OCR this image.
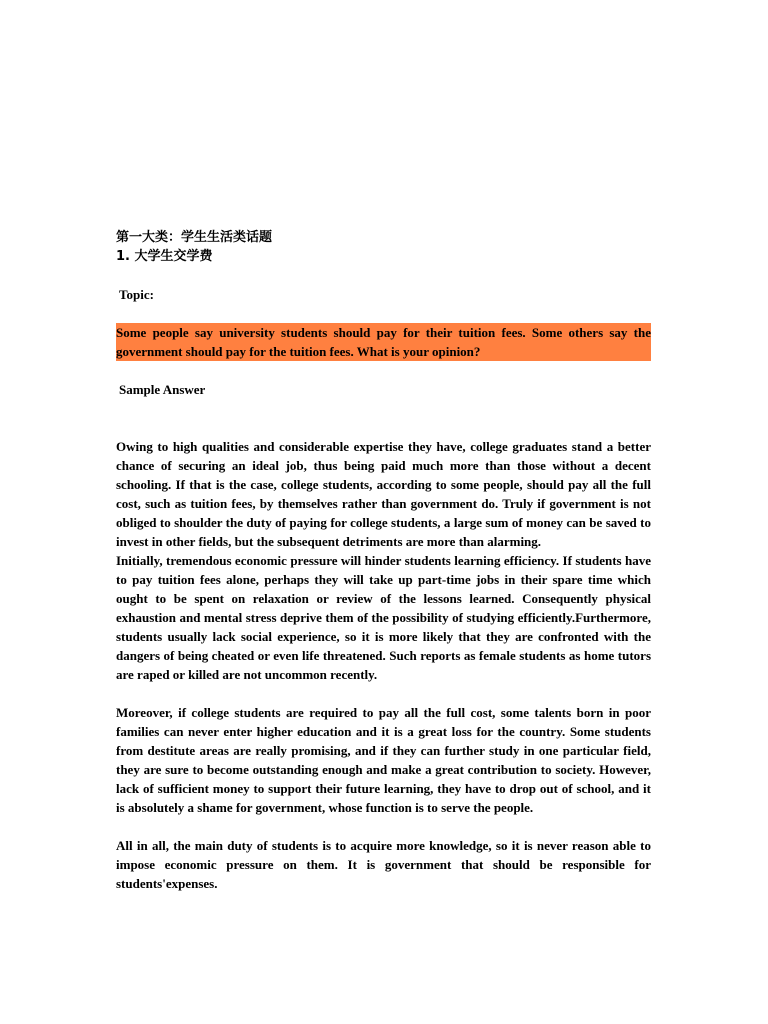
第一大类：学生生活类话题

1. 大学生交学费

Topic:

Some people say university students should pay for their tuition fees. Some others say the government should pay for the tuition fees. What is your opinion?

Sample Answer

Owing to high qualities and considerable expertise they have, college graduates stand a better chance of securing an ideal job, thus being paid much more than those without a decent schooling. If that is the case, college students, according to some people, should pay all the full cost, such as tuition fees, by themselves rather than government do. Truly if government is not obliged to shoulder the duty of paying for college students, a large sum of money can be saved to invest in other fields, but the subsequent detriments are more than alarming.

Initially, tremendous economic pressure will hinder students learning efficiency. If students have to pay tuition fees alone, perhaps they will take up part-time jobs in their spare time which ought to be spent on relaxation or review of the lessons learned. Consequently physical exhaustion and mental stress deprive them of the possibility of studying efficiently.Furthermore, students usually lack social experience, so it is more likely that they are confronted with the dangers of being cheated or even life threatened. Such reports as female students as home tutors are raped or killed are not uncommon recently.

Moreover, if college students are required to pay all the full cost, some talents born in poor families can never enter higher education and it is a great loss for the country. Some students from destitute areas are really promising, and if they can further study in one particular field, they are sure to become outstanding enough and make a great contribution to society. However, lack of sufficient money to support their future learning, they have to drop out of school, and it is absolutely a shame for government, whose function is to serve the people.

All in all, the main duty of students is to acquire more knowledge, so it is never reason able to impose economic pressure on them. It is government that should be responsible for students'expenses.
